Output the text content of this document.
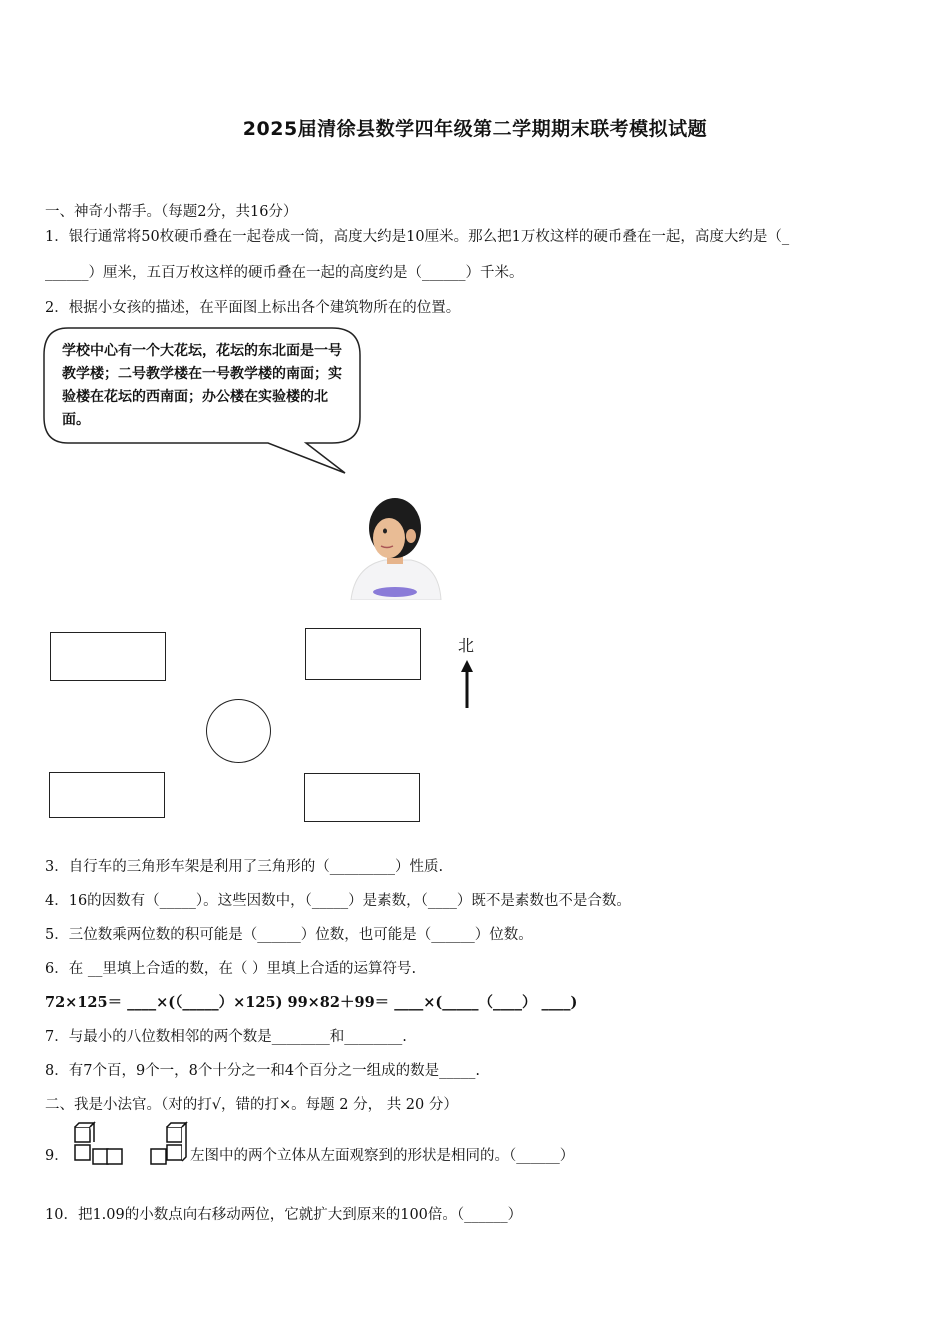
2025届清徐县数学四年级第二学期期末联考模拟试题
一、神奇小帮手。（每题2分，共16分）
1．银行通常将50枚硬币叠在一起卷成一筒，高度大约是10厘米。那么把1万枚这样的硬币叠在一起，高度大约是（_
______）厘米，五百万枚这样的硬币叠在一起的高度约是（______）千米。
2．根据小女孩的描述，在平面图上标出各个建筑物所在的位置。
学校中心有一个大花坛，花坛的东北面是一号教学楼；二号教学楼在一号教学楼的南面；实验楼在花坛的西南面；办公楼在实验楼的北面。
北
3．自行车的三角形车架是利用了三角形的（_________）性质.
4．16的因数有（_____）。这些因数中，（_____）是素数，（____）既不是素数也不是合数。
5．三位数乘两位数的积可能是（______）位数，也可能是（______）位数。
6．在 __里填上合适的数，在（ ）里填上合适的运算符号.
72×125＝ ____×(（_____）×125) 99×82＋99＝ ____×(_____（____） ____)
7．与最小的八位数相邻的两个数是________和________.
8．有7个百，9个一，8个十分之一和4个百分之一组成的数是_____.
二、我是小法官。（对的打√，错的打×。每题 2 分， 共 20 分）
9．	左图中的两个立体从左面观察到的形状是相同的。（______）
10．把1.09的小数点向右移动两位，它就扩大到原来的100倍。（______）
